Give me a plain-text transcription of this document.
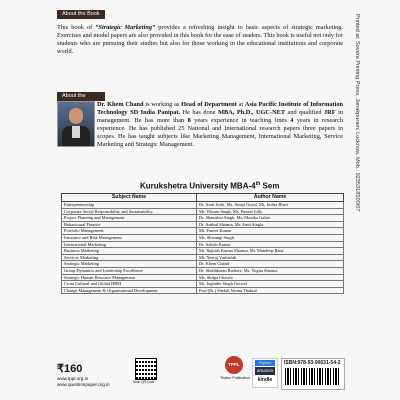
About the Book
This book of “Strategic Marketing” provides a refreshing insight to basic aspects of strategic marketing. Exercises and model papers are also provided in this book for the ease of readers. This book is useful not only for students who are pursuing their studies but also for those working in the educational institutions and corporate world.
About the
Dr. Khem Chand is working as Head of Department at Asia Pacific Institute of Information Technology SD India Panipat. He has done MBA, Ph.D., UGC-NET and qualified JRF in management. He has more than 8 years experience in teaching lines 4 years in research experience. He has published 25 National and International research papers three papers in scopes. He has taught subjects like Marketing Management, International Marketing, Service Marketing and Strategic Management.
Kurukshetra University MBA-4th Sem
Subject Name	Author Name
Entrepreneurship	Dr. Amit Joshi, Ms. Anuja Goyal, Ms. Indira Bhati
Corporate Social Responsibility and Sustainability	Mr. Vikram Singh, Ms. Puneet Jolly
Project Planning and Management	Dr. Shamsher Singh, Ms. Monika Gulati
Behavioural Finance	Dr. Anshul Sharma, Mr. Amit Singla
Portfolio Management	Mr. Puneet Kumar
Insurance and Risk Management	Ms. Shivangi Singh
International Marketing	Dr. Ashish Kumar
Business Marketing	Mr. Rajnish Kumar Sharma, Mr. Mandeep Rana
Services Marketing	Mr. Neeraj Vashishth
Strategic Marketing	Dr. Khem Chand
Group Dynamics and Leadership Excellence	Dr. Shubhkaran Rathore, Ms. Yogita Sharma
Strategic Human Resource Management	Ms. Shilpa Chawla
Cross Cultural and Global HRM	Mr. Joginder Singh Grewal
Change Management & Organisational Development	Prof.(Dr.) Shefali Verma Thakral
Printed at: Sovera Printing Press, Janakpuram, Lucknow, Mob.: 9235318500/07
₹160
www.tppl.org.in
www.questionpaper.org.in	Scan QR Code
TPPL
Thakur Publication
Flipkart
amazon
kindle
ISBN:978-93-90031-54-2
